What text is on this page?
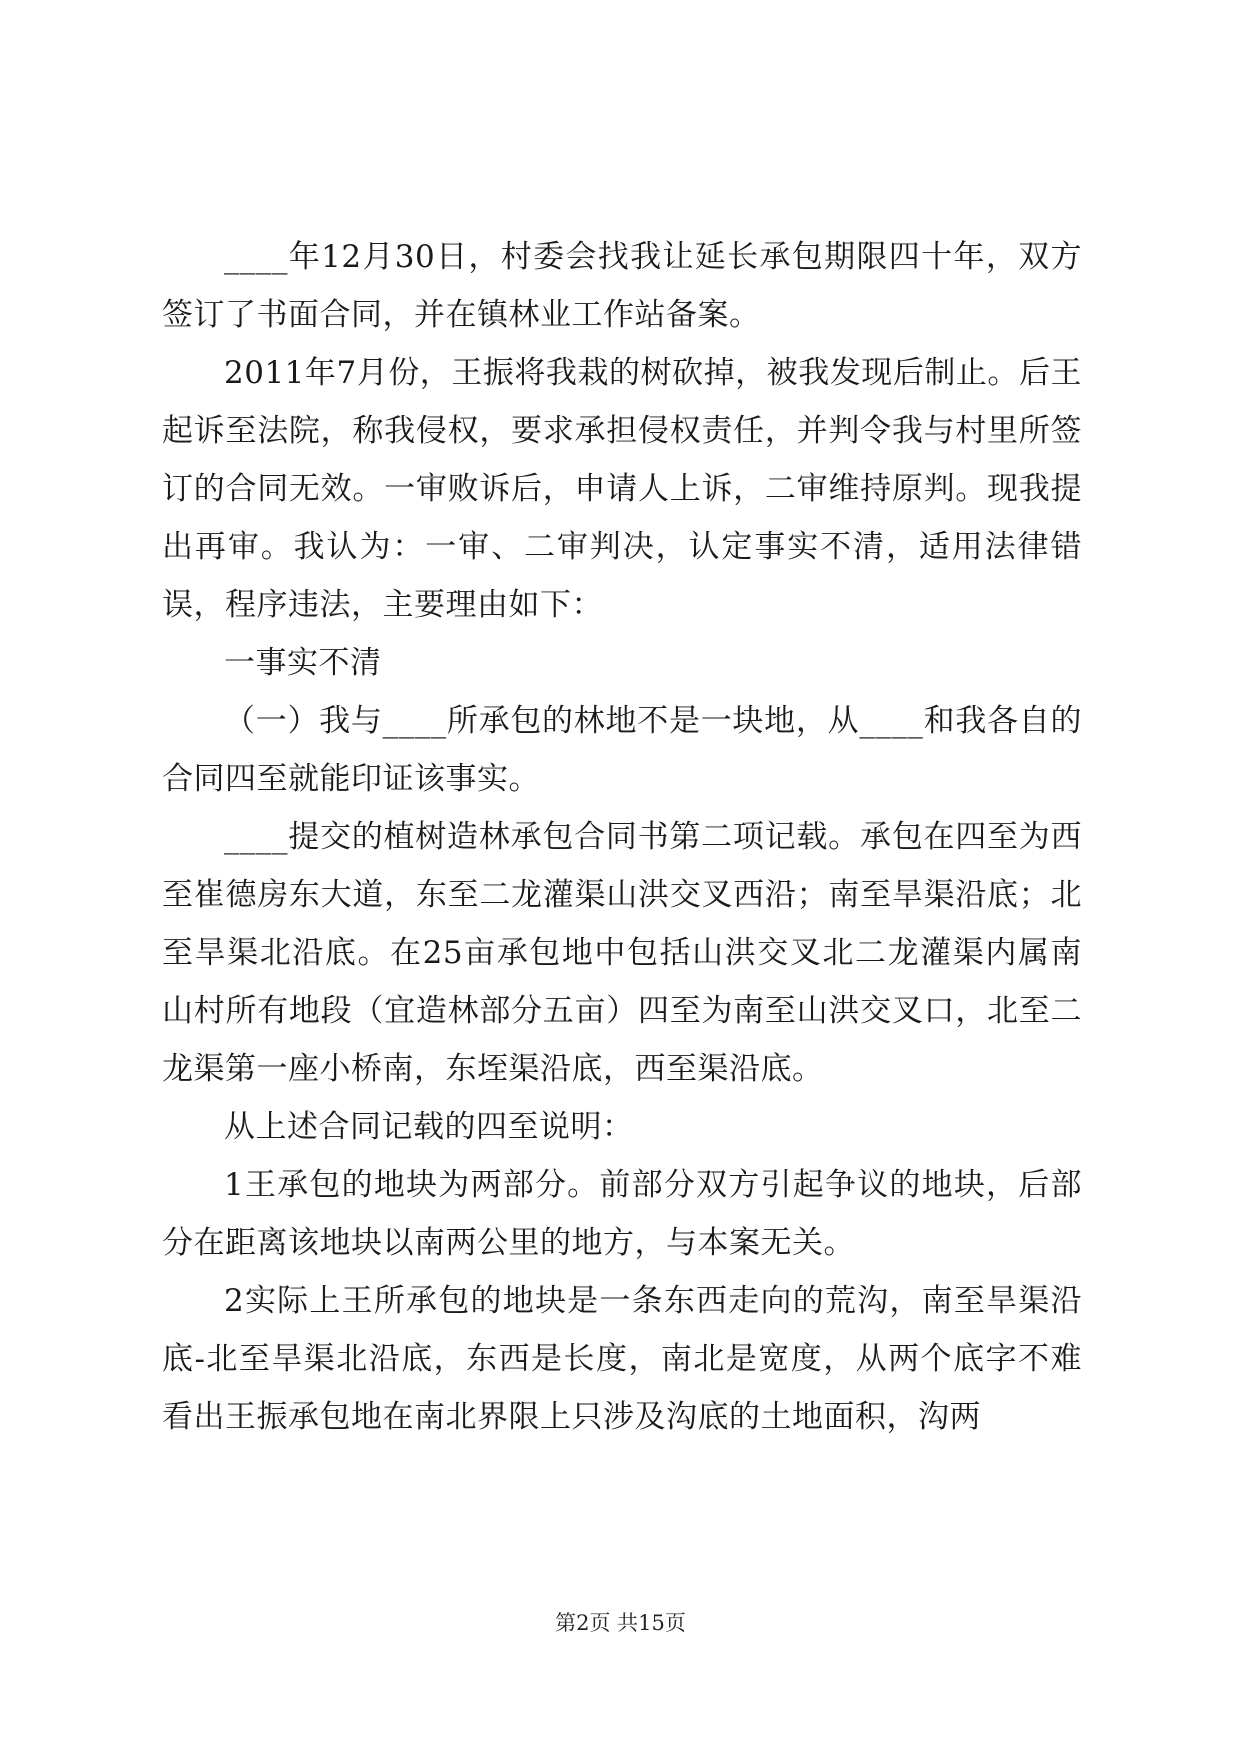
____年12月30日，村委会找我让延长承包期限四十年，双方签订了书面合同，并在镇林业工作站备案。

2011年7月份，王振将我栽的树砍掉，被我发现后制止。后王起诉至法院，称我侵权，要求承担侵权责任，并判令我与村里所签订的合同无效。一审败诉后，申请人上诉，二审维持原判。现我提出再审。我认为：一审、二审判决，认定事实不清，适用法律错误，程序违法，主要理由如下：

一事实不清

（一）我与____所承包的林地不是一块地，从____和我各自的合同四至就能印证该事实。

____提交的植树造林承包合同书第二项记载。承包在四至为西至崔德房东大道，东至二龙灌渠山洪交叉西沿；南至旱渠沿底；北至旱渠北沿底。在25亩承包地中包括山洪交叉北二龙灌渠内属南山村所有地段（宜造林部分五亩）四至为南至山洪交叉口，北至二龙渠第一座小桥南，东垤渠沿底，西至渠沿底。

从上述合同记载的四至说明：

1王承包的地块为两部分。前部分双方引起争议的地块，后部分在距离该地块以南两公里的地方，与本案无关。

2实际上王所承包的地块是一条东西走向的荒沟，南至旱渠沿底-北至旱渠北沿底，东西是长度，南北是宽度，从两个底字不难看出王振承包地在南北界限上只涉及沟底的土地面积，沟两

第2页 共15页
